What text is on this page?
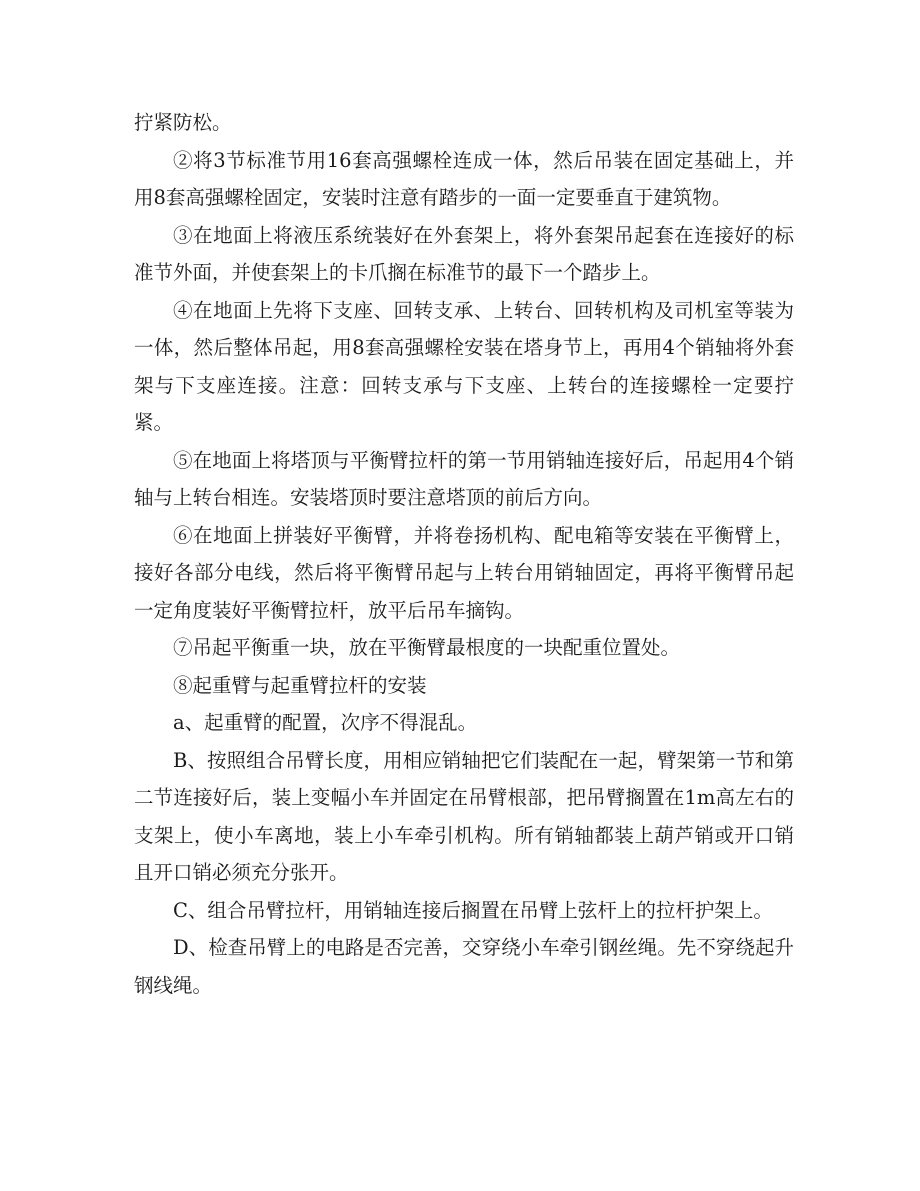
拧紧防松。

②将3节标准节用16套高强螺栓连成一体，然后吊装在固定基础上，并用8套高强螺栓固定，安装时注意有踏步的一面一定要垂直于建筑物。

③在地面上将液压系统装好在外套架上，将外套架吊起套在连接好的标准节外面，并使套架上的卡爪搁在标准节的最下一个踏步上。

④在地面上先将下支座、回转支承、上转台、回转机构及司机室等装为一体，然后整体吊起，用8套高强螺栓安装在塔身节上，再用4个销轴将外套架与下支座连接。注意：回转支承与下支座、上转台的连接螺栓一定要拧紧。

⑤在地面上将塔顶与平衡臂拉杆的第一节用销轴连接好后，吊起用4个销轴与上转台相连。安装塔顶时要注意塔顶的前后方向。

⑥在地面上拼装好平衡臂，并将卷扬机构、配电箱等安装在平衡臂上，接好各部分电线，然后将平衡臂吊起与上转台用销轴固定，再将平衡臂吊起一定角度装好平衡臂拉杆，放平后吊车摘钩。

⑦吊起平衡重一块，放在平衡臂最根度的一块配重位置处。

⑧起重臂与起重臂拉杆的安装

a、起重臂的配置，次序不得混乱。

B、按照组合吊臂长度，用相应销轴把它们装配在一起，臂架第一节和第二节连接好后，装上变幅小车并固定在吊臂根部，把吊臂搁置在1m高左右的支架上，使小车离地，装上小车牵引机构。所有销轴都装上葫芦销或开口销且开口销必须充分张开。

C、组合吊臂拉杆，用销轴连接后搁置在吊臂上弦杆上的拉杆护架上。

D、检查吊臂上的电路是否完善，交穿绕小车牵引钢丝绳。先不穿绕起升钢线绳。
